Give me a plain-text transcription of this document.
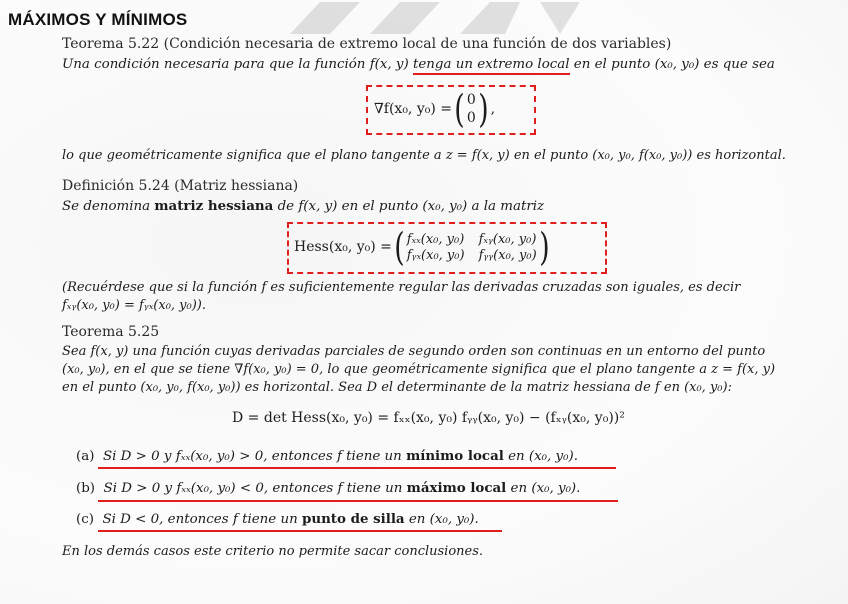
MÁXIMOS Y MÍNIMOS
Teorema 5.22 (Condición necesaria de extremo local de una función de dos variables)
Una condición necesaria para que la función f(x, y) tenga un extremo local en el punto (x₀, y₀) es que sea
∇f(x₀, y₀) = ( 0
0 ) ,
lo que geométricamente significa que el plano tangente a z = f(x, y) en el punto (x₀, y₀, f(x₀, y₀)) es horizontal.
Definición 5.24 (Matriz hessiana)
Se denomina matriz hessiana de f(x, y) en el punto (x₀, y₀) a la matriz
Hess(x₀, y₀) = ( fₓₓ(x₀, y₀) fₓᵧ(x₀, y₀)
fᵧₓ(x₀, y₀) fᵧᵧ(x₀, y₀) )
(Recuérdese que si la función f es suficientemente regular las derivadas cruzadas son iguales, es decir
fₓᵧ(x₀, y₀) = fᵧₓ(x₀, y₀)).
Teorema 5.25
Sea f(x, y) una función cuyas derivadas parciales de segundo orden son continuas en un entorno del punto
(x₀, y₀), en el que se tiene ∇f(x₀, y₀) = 0, lo que geométricamente significa que el plano tangente a z = f(x, y)
en el punto (x₀, y₀, f(x₀, y₀)) es horizontal. Sea D el determinante de la matriz hessiana de f en (x₀, y₀):
D = det Hess(x₀, y₀) = fₓₓ(x₀, y₀) fᵧᵧ(x₀, y₀) − (fₓᵧ(x₀, y₀))²
(a) Si D > 0 y fₓₓ(x₀, y₀) > 0, entonces f tiene un mínimo local en (x₀, y₀).
(b) Si D > 0 y fₓₓ(x₀, y₀) < 0, entonces f tiene un máximo local en (x₀, y₀).
(c) Si D < 0, entonces f tiene un punto de silla en (x₀, y₀).
En los demás casos este criterio no permite sacar conclusiones.
